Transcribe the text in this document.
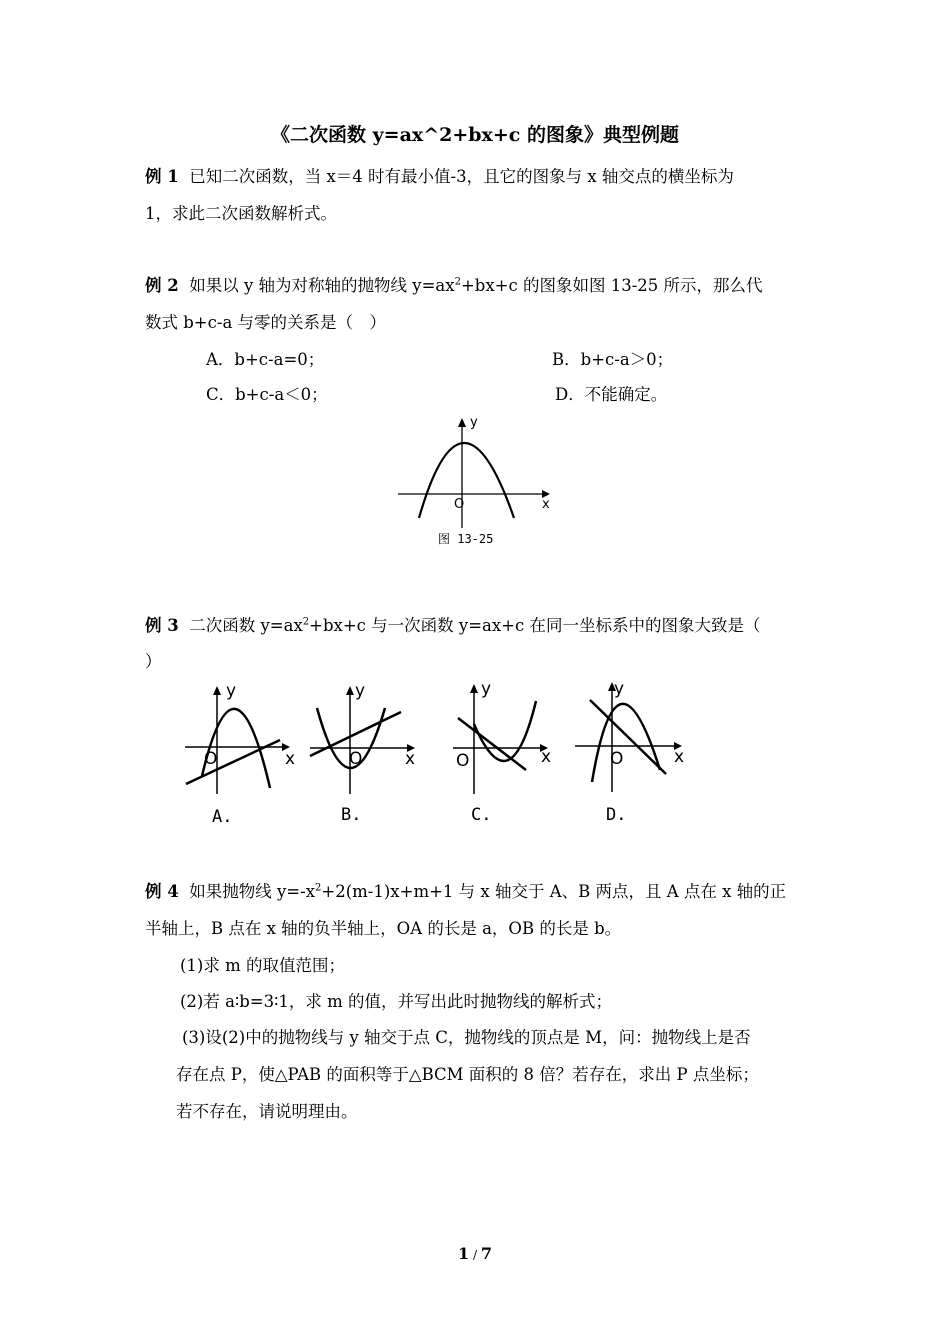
《二次函数 y=ax^2+bx+c 的图象》典型例题
例 1 已知二次函数，当 x＝4 时有最小值-3，且它的图象与 x 轴交点的横坐标为
1，求此二次函数解析式。
例 2 如果以 y 轴为对称轴的抛物线 $y=ax^2+bx+c$ 的图象如图 13-25 所示，那么代
数式 b+c-a 与零的关系是（　）
A．b+c-a=0；	B．b+c-a＞0；
C．b+c-a＜0；	D．不能确定。
y
x
O
图 13-25
例 3 二次函数 $y=ax^2+bx+c$ 与一次函数 y=ax+c 在同一坐标系中的图象大致是（
）
y
x
O
A.
y
x
O
B.
y
x
O
C.
y
x
O
D.
例 4 如果抛物线 $y=-x^2+2(m-1)x+m+1$ 与 x 轴交于 A、B 两点，且 A 点在 x 轴的正
半轴上，B 点在 x 轴的负半轴上，OA 的长是 a，OB 的长是 b。
(1)求 m 的取值范围；
(2)若 a∶b=3∶1，求 m 的值，并写出此时抛物线的解析式；
(3)设(2)中的抛物线与 y 轴交于点 C，抛物线的顶点是 M，问：抛物线上是否
存在点 P，使△PAB 的面积等于△BCM 面积的 8 倍？若存在，求出 P 点坐标；
若不存在，请说明理由。
1 / 7
